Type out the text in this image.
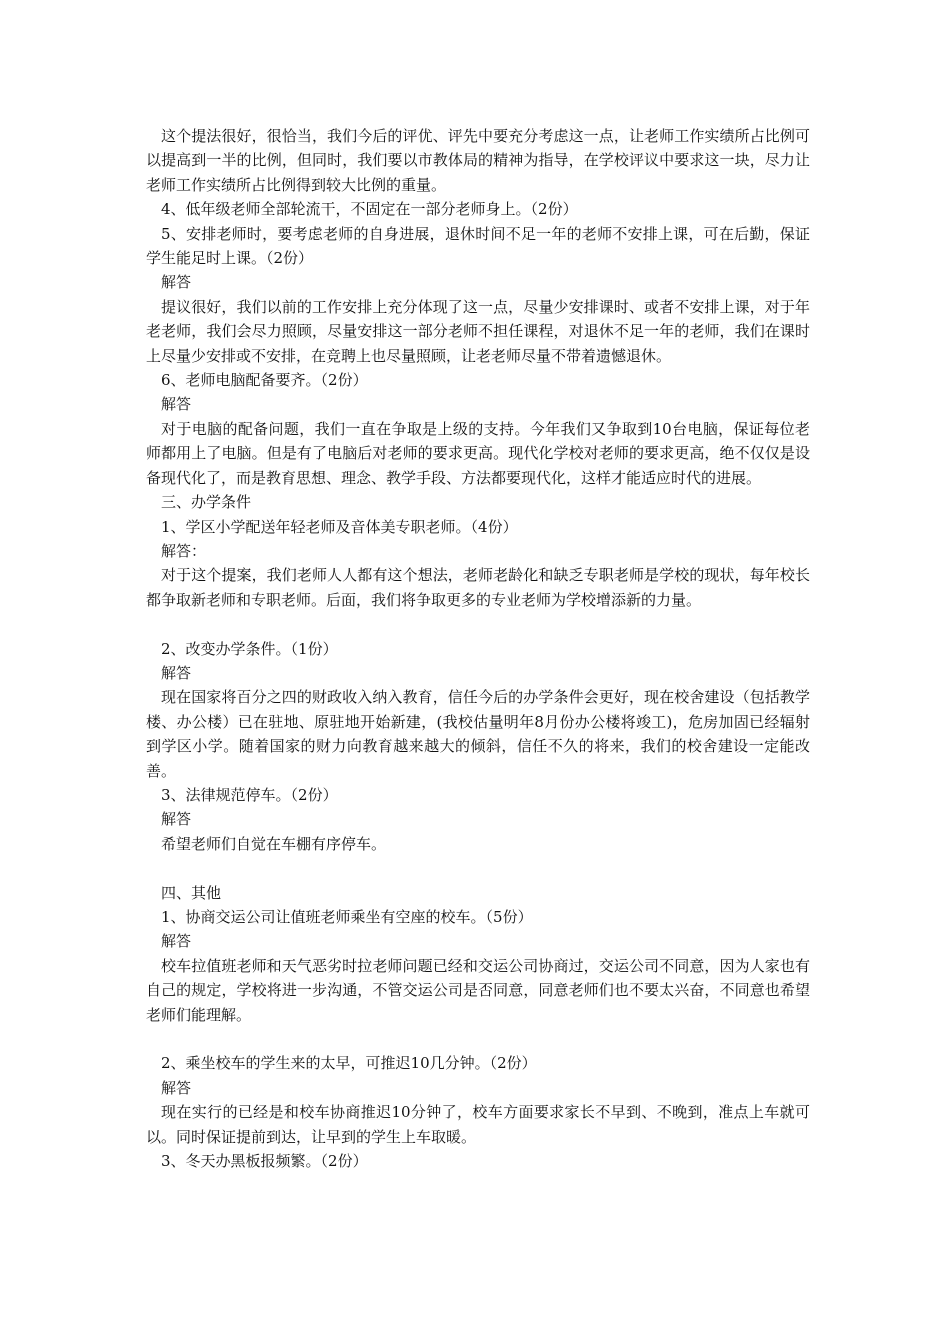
这个提法很好，很恰当，我们今后的评优、评先中要充分考虑这一点，让老师工作实绩所占比例可以提高到一半的比例，但同时，我们要以市教体局的精神为指导，在学校评议中要求这一块，尽力让老师工作实绩所占比例得到较大比例的重量。

4、低年级老师全部轮流干，不固定在一部分老师身上。（2份）

5、安排老师时，要考虑老师的自身进展，退休时间不足一年的老师不安排上课，可在后勤，保证学生能足时上课。（2份）

解答

提议很好，我们以前的工作安排上充分体现了这一点，尽量少安排课时、或者不安排上课，对于年老老师，我们会尽力照顾，尽量安排这一部分老师不担任课程，对退休不足一年的老师，我们在课时上尽量少安排或不安排，在竞聘上也尽量照顾，让老老师尽量不带着遗憾退休。

6、老师电脑配备要齐。（2份）

解答

对于电脑的配备问题，我们一直在争取是上级的支持。今年我们又争取到10台电脑，保证每位老师都用上了电脑。但是有了电脑后对老师的要求更高。现代化学校对老师的要求更高，绝不仅仅是设备现代化了，而是教育思想、理念、教学手段、方法都要现代化，这样才能适应时代的进展。

三、办学条件

1、学区小学配送年轻老师及音体美专职老师。（4份）

解答：

对于这个提案，我们老师人人都有这个想法，老师老龄化和缺乏专职老师是学校的现状，每年校长都争取新老师和专职老师。后面，我们将争取更多的专业老师为学校增添新的力量。

2、改变办学条件。（1份）

解答

现在国家将百分之四的财政收入纳入教育，信任今后的办学条件会更好，现在校舍建设（包括教学楼、办公楼）已在驻地、原驻地开始新建，(我校估量明年8月份办公楼将竣工)，危房加固已经辐射到学区小学。随着国家的财力向教育越来越大的倾斜，信任不久的将来，我们的校舍建设一定能改善。

3、法律规范停车。（2份）

解答

希望老师们自觉在车棚有序停车。

四、其他

1、协商交运公司让值班老师乘坐有空座的校车。（5份）

解答

校车拉值班老师和天气恶劣时拉老师问题已经和交运公司协商过，交运公司不同意，因为人家也有自己的规定，学校将进一步沟通，不管交运公司是否同意，同意老师们也不要太兴奋，不同意也希望老师们能理解。

2、乘坐校车的学生来的太早，可推迟10几分钟。（2份）

解答

现在实行的已经是和校车协商推迟10分钟了，校车方面要求家长不早到、不晚到，准点上车就可以。同时保证提前到达，让早到的学生上车取暖。

3、冬天办黑板报频繁。（2份）
